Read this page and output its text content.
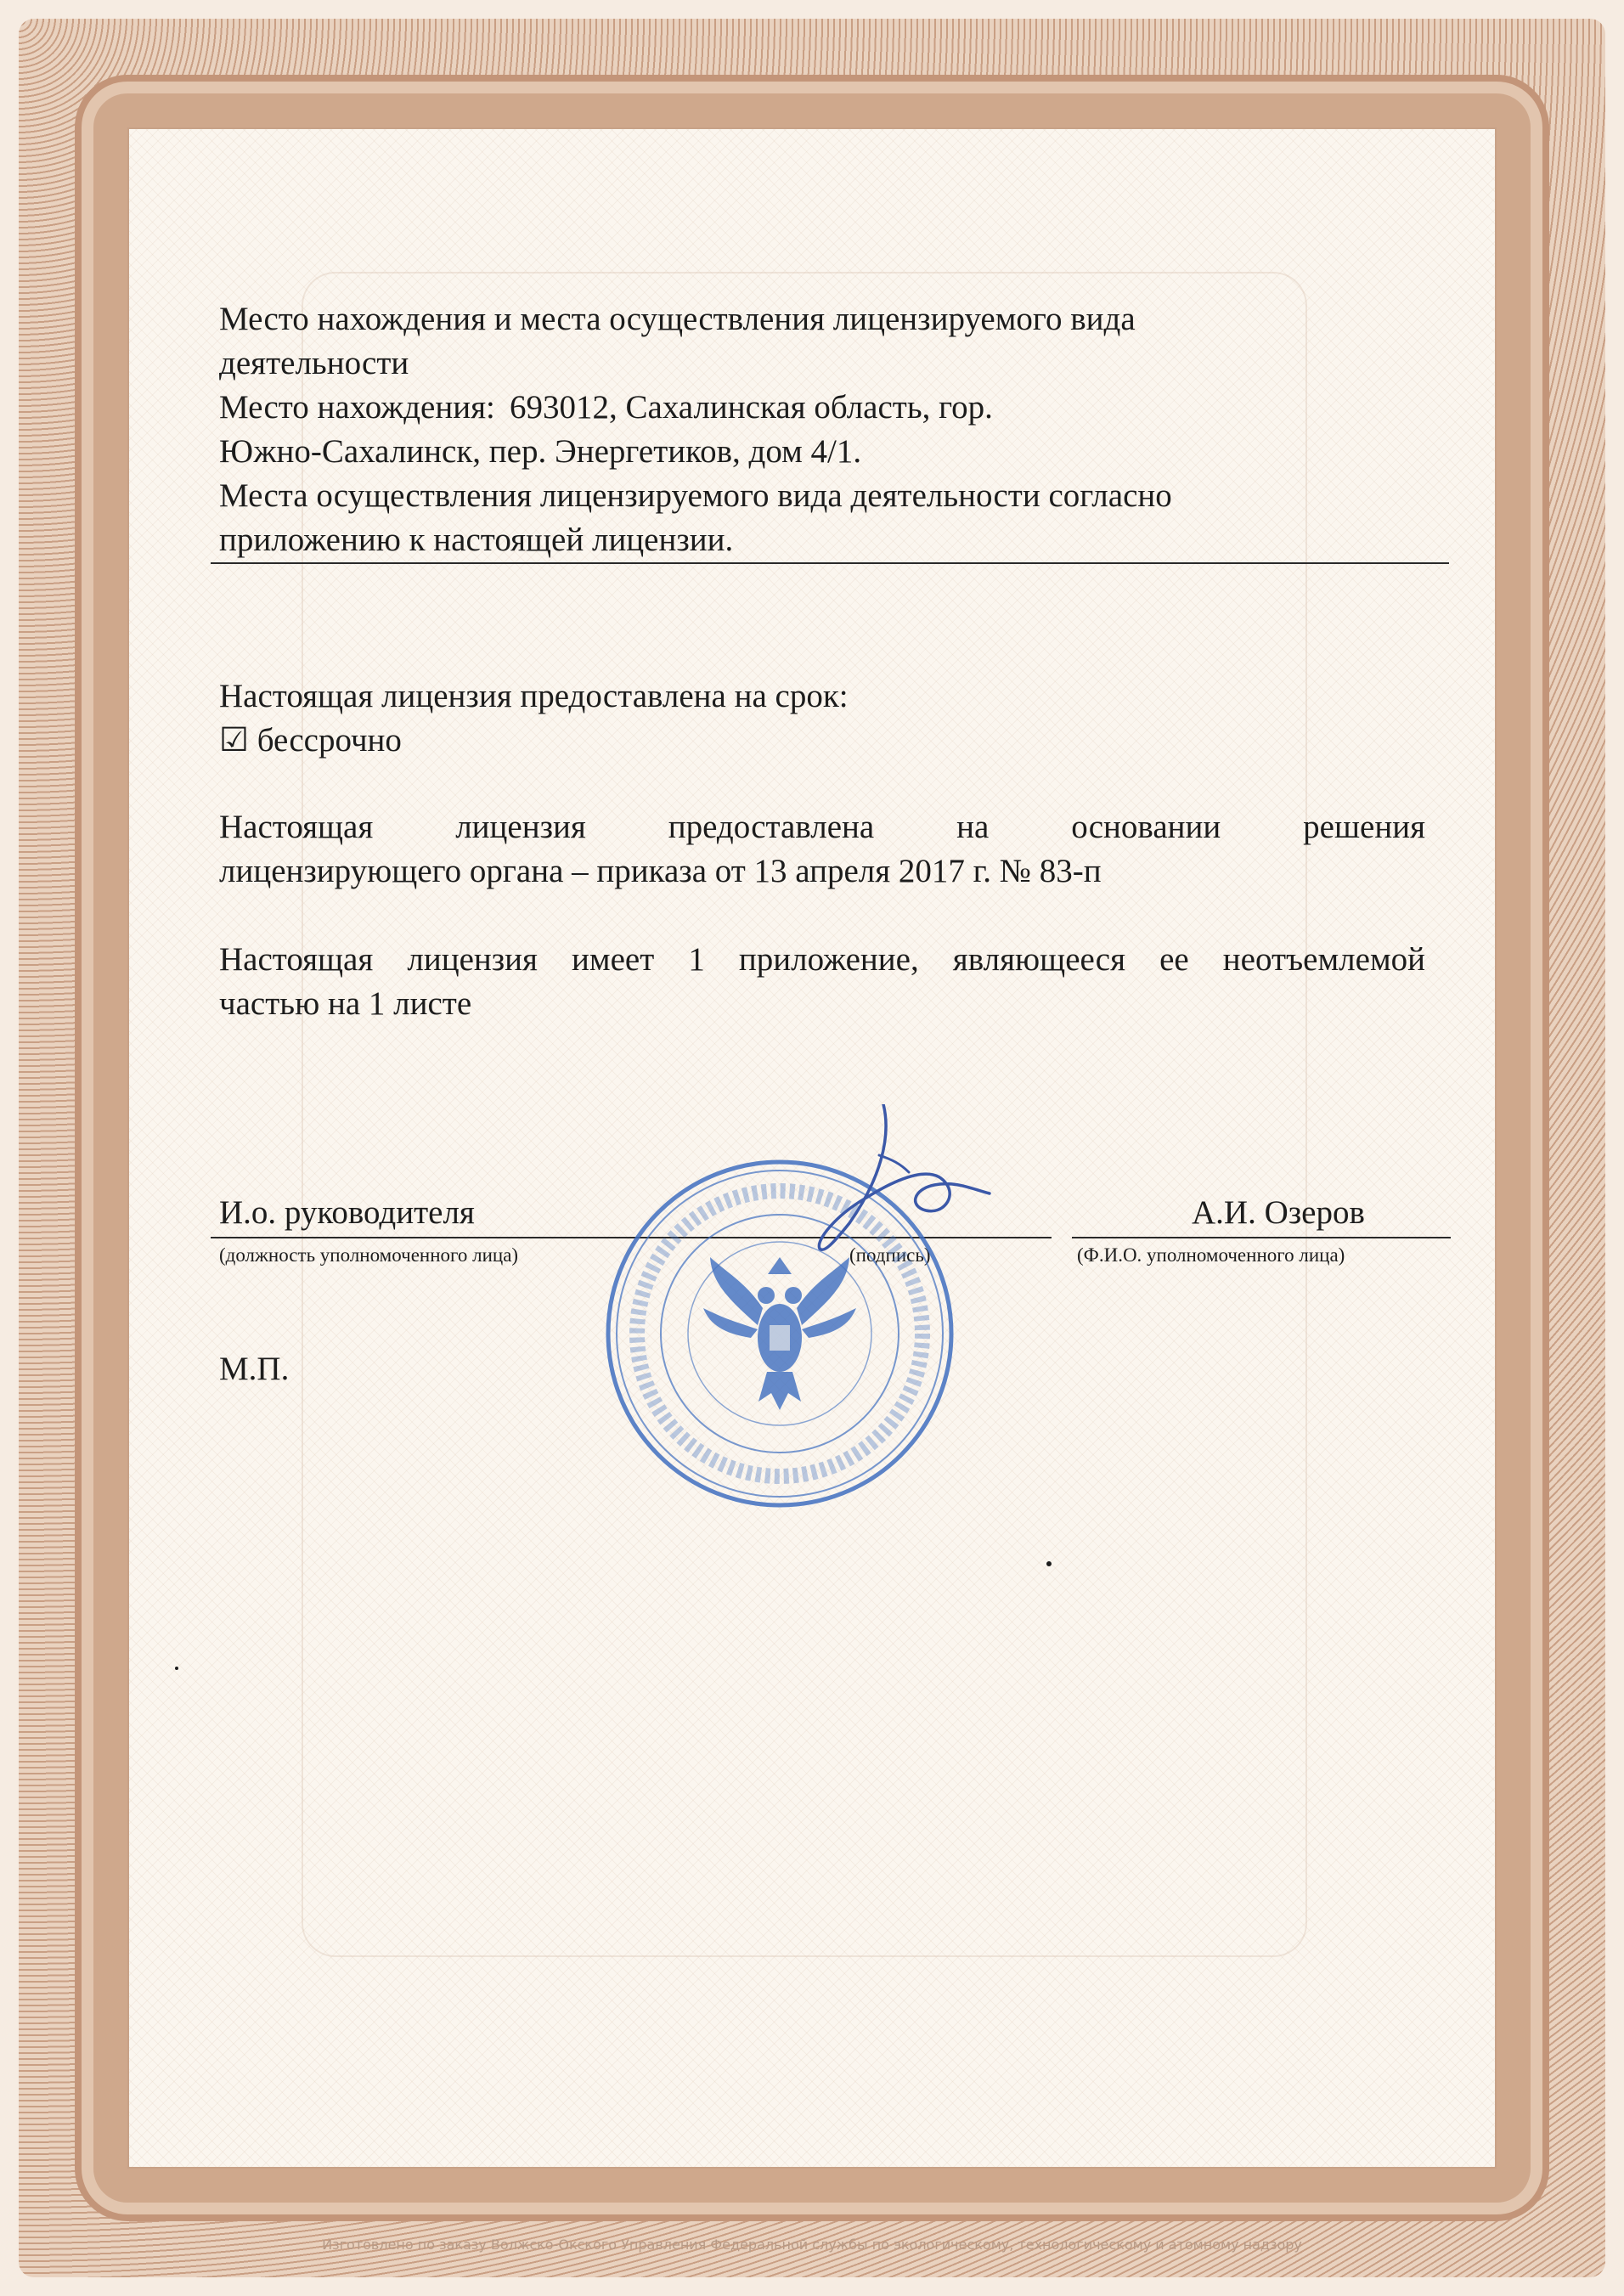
Место нахождения и места осуществления лицензируемого вида
деятельности
Место нахождения: 693012, Сахалинская область, гор.
Южно-Сахалинск, пер. Энергетиков, дом 4/1.
Места осуществления лицензируемого вида деятельности согласно
приложению к настоящей лицензии.
Настоящая лицензия предоставлена на срок:
☑ бессрочно
Настоящая лицензия предоставлена на основании решения
лицензирующего органа – приказа от 13 апреля 2017 г. № 83-п
Настоящая лицензия имеет 1 приложение, являющееся ее неотъемлемой
частью на 1 листе
И.о. руководителя	А.И. Озеров
(должность уполномоченного лица)	(подпись)	(Ф.И.О. уполномоченного лица)
М.П.
Изготовлено по заказу Волжско-Окского Управления Федеральной службы по экологическому, технологическому и атомному надзору
